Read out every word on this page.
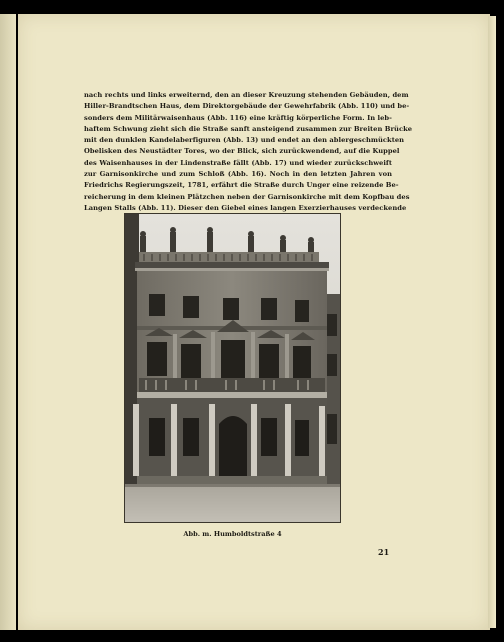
nach rechts und links erweiternd, den an dieser Kreuzung stehenden Gebäuden, dem
Hiller-Brandtschen Haus, dem Direktorgebäude der Gewehrfabrik (Abb. 110) und be-
sonders dem Militärwaisenhaus (Abb. 116) eine kräftig körperliche Form. In leb-
haftem Schwung zieht sich die Straße sanft ansteigend zusammen zur Breiten Brücke
mit den dunklen Kandelaberfiguren (Abb. 13) und endet an den ablergeschmückten
Obelisken des Neustädter Tores, wo der Blick, sich zurückwendend, auf die Kuppel
des Waisenhauses in der Lindenstraße fällt (Abb. 17) und wieder zurückschweift
zur Garnisonkirche und zum Schloß (Abb. 16). Noch in den letzten Jahren von
Friedrichs Regierungszeit, 1781, erfährt die Straße durch Unger eine reizende Be-
reicherung in dem kleinen Plätzchen neben der Garnisonkirche mit dem Kopfbau des
Langen Stalls (Abb. 11). Dieser den Giebel eines langen Exerzierhauses verdeckende
Abb. m. Humboldtstraße 4
21
